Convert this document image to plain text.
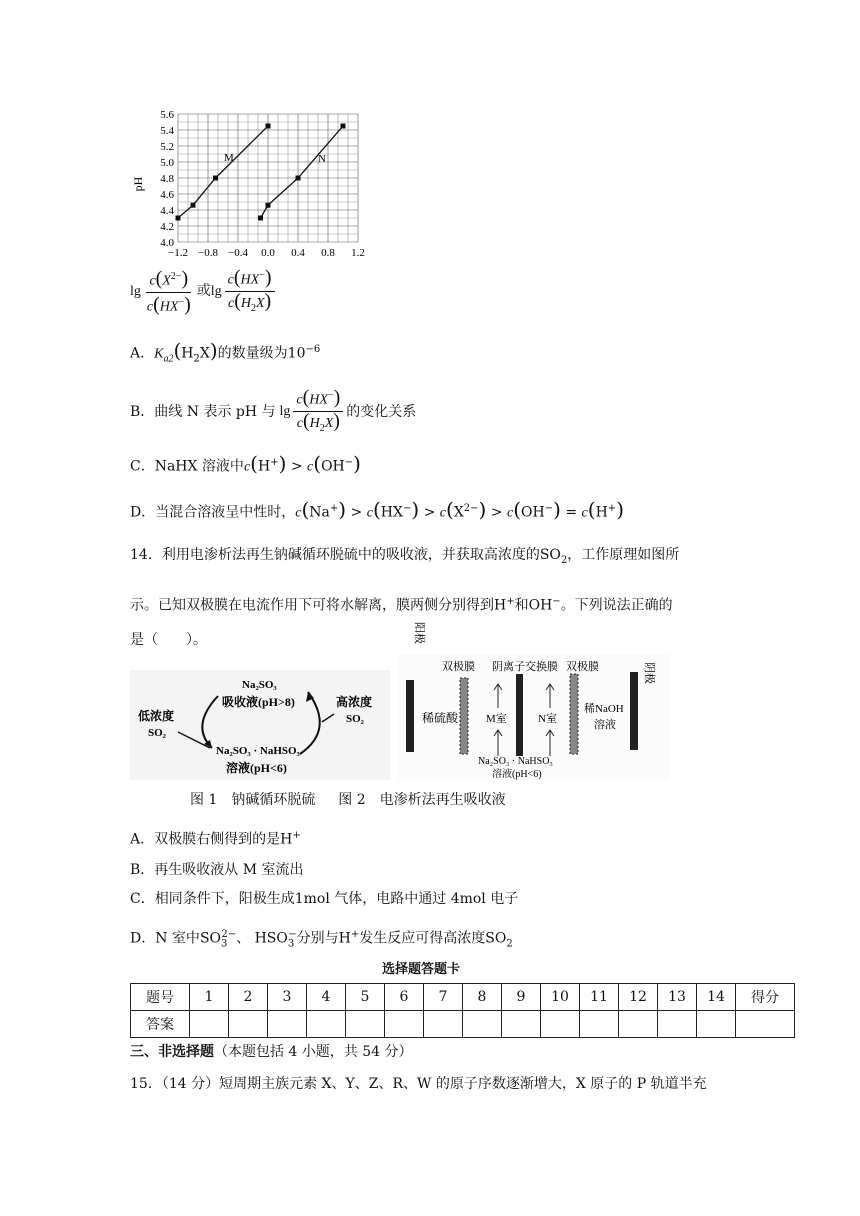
5.6
5.4
5.2
5.0
4.8
4.6
4.4
4.2
4.0
−1.2 −0.8 −0.4 0.0 0.4 0.8 1.2
pH
M	N
$\lg \frac{c(X^{2-})}{c(HX^-)}$ 或 $\lg \frac{c(HX^-)}{c(H_2X)}$
A．$K_{a2}(H_2X)$的数量级为$10^{-6}$
B．曲线 N 表示 pH 与 $\lg \frac{c(HX^-)}{c(H_2X)}$ 的变化关系
C．NaHX 溶液中c(H+) > c(OH−)
D．当混合溶液呈中性时，$c(Na^+) > c(HX^-) > c(X^{2-}) > c(OH^-) = c(H^+)$
14．利用电渗析法再生钠碱循环脱硫中的吸收液，并获取高浓度的$SO_2$，工作原理如图所
示。已知双极膜在电流作用下可将水解离，膜两侧分别得到H+和OH−。下列说法正确的
是（　　）。
低浓度
SO₂
Na₂SO₃
吸收液(pH>8)
Na₂SO₃ · NaHSO₃
溶液(pH<6)
高浓度
SO₂
阳极
稀硫酸
双极膜 阴离子交换膜
M室	N室
双极膜
稀NaOH
溶液
阴极
Na₂SO₃ · NaHSO₃
溶液(pH<6)
图 1　钠碱循环脱硫 图 2　电渗析法再生吸收液
A．双极膜右侧得到的是H+
B．再生吸收液从 M 室流出
C．相同条件下，阳极生成1mol 气体，电路中通过 4mol 电子
D．N 室中$SO_3^{2-}$、 $HSO_3^-$分别与H+发生反应可得高浓度$SO_2$
选择题答题卡
题号	1	2	3	4	5	6	7	8	9	10	11	12	13	14	得分
答案															
三、非选择题（本题包括 4 小题，共 54 分）
15．（14 分）短周期主族元素 X、Y、Z、R、W 的原子序数逐渐增大，X 原子的 P 轨道半充
